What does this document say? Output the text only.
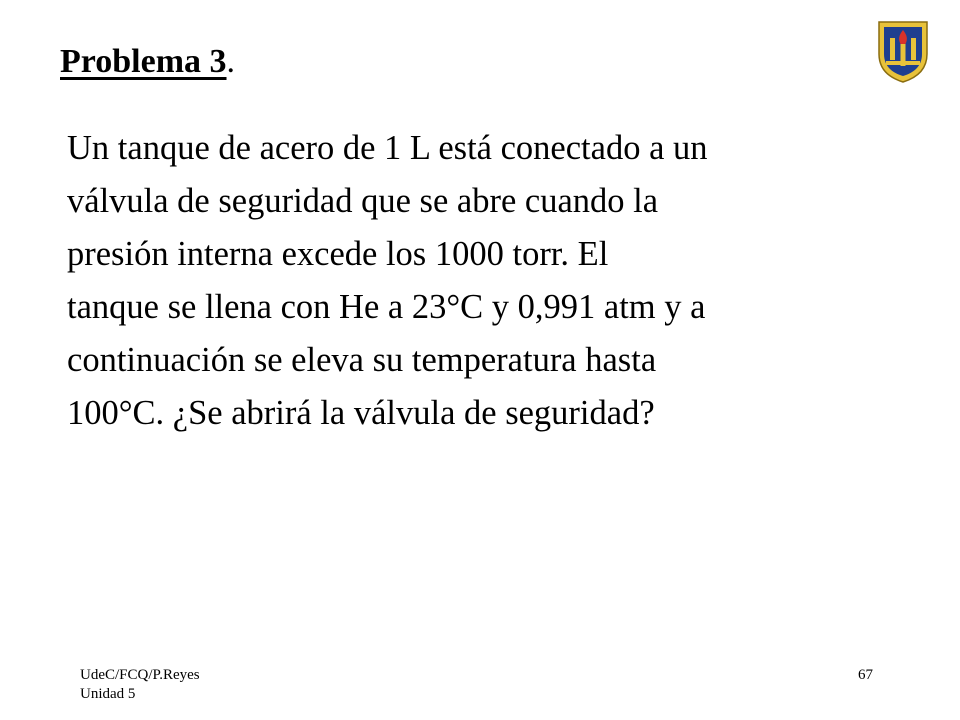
Problema 3.
Un tanque de acero de 1 L está conectado a un
válvula de seguridad que se abre cuando la
presión interna excede los 1000 torr. El
tanque se llena con He a 23°C y 0,991 atm y a
continuación se eleva su temperatura hasta
100°C. ¿Se abrirá la válvula de seguridad?
UdeC/FCQ/P.Reyes
Unidad 5
67
